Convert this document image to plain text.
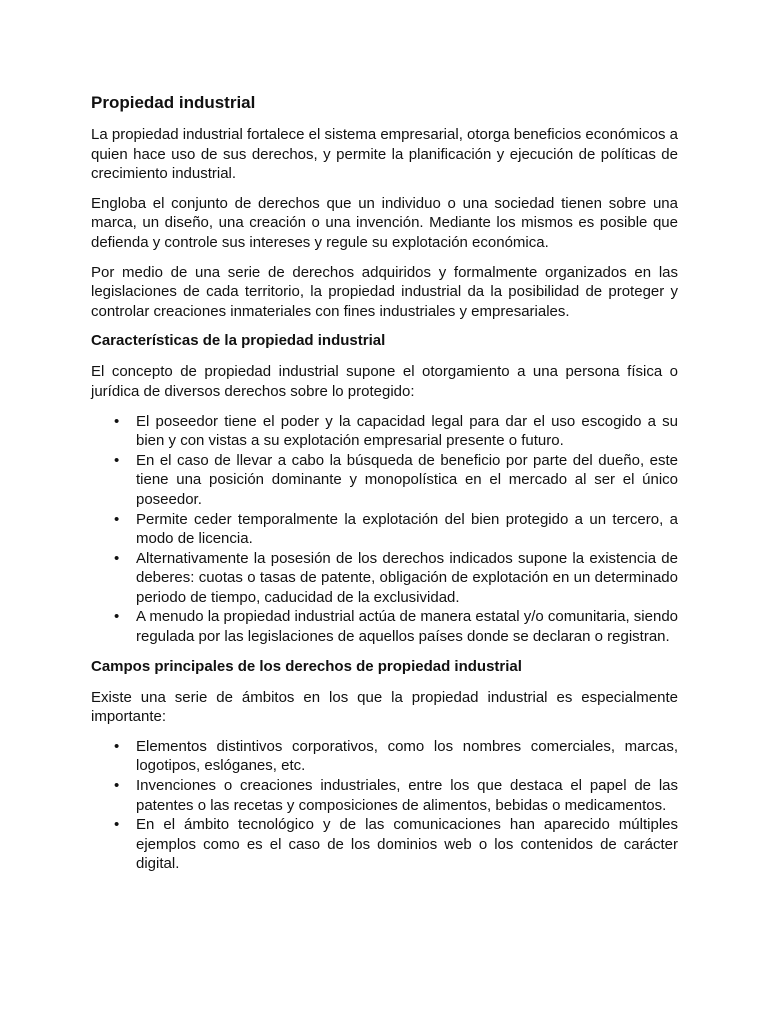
Propiedad industrial

La propiedad industrial fortalece el sistema empresarial, otorga beneficios económicos a quien hace uso de sus derechos, y permite la planificación y ejecución de políticas de crecimiento industrial.

Engloba el conjunto de derechos que un individuo o una sociedad tienen sobre una marca, un diseño, una creación o una invención. Mediante los mismos es posible que defienda y controle sus intereses y regule su explotación económica.

Por medio de una serie de derechos adquiridos y formalmente organizados en las legislaciones de cada territorio, la propiedad industrial da la posibilidad de proteger y controlar creaciones inmateriales con fines industriales y empresariales.

Características de la propiedad industrial

El concepto de propiedad industrial supone el otorgamiento a una persona física o jurídica de diversos derechos sobre lo protegido:

• El poseedor tiene el poder y la capacidad legal para dar el uso escogido a su bien y con vistas a su explotación empresarial presente o futuro.
• En el caso de llevar a cabo la búsqueda de beneficio por parte del dueño, este tiene una posición dominante y monopolística en el mercado al ser el único poseedor.
• Permite ceder temporalmente la explotación del bien protegido a un tercero, a modo de licencia.
• Alternativamente la posesión de los derechos indicados supone la existencia de deberes: cuotas o tasas de patente, obligación de explotación en un determinado periodo de tiempo, caducidad de la exclusividad.
• A menudo la propiedad industrial actúa de manera estatal y/o comunitaria, siendo regulada por las legislaciones de aquellos países donde se declaran o registran.
Campos principales de los derechos de propiedad industrial

Existe una serie de ámbitos en los que la propiedad industrial es especialmente importante:

• Elementos distintivos corporativos, como los nombres comerciales, marcas, logotipos, eslóganes, etc.
• Invenciones o creaciones industriales, entre los que destaca el papel de las patentes o las recetas y composiciones de alimentos, bebidas o medicamentos.
• En el ámbito tecnológico y de las comunicaciones han aparecido múltiples ejemplos como es el caso de los dominios web o los contenidos de carácter digital.
